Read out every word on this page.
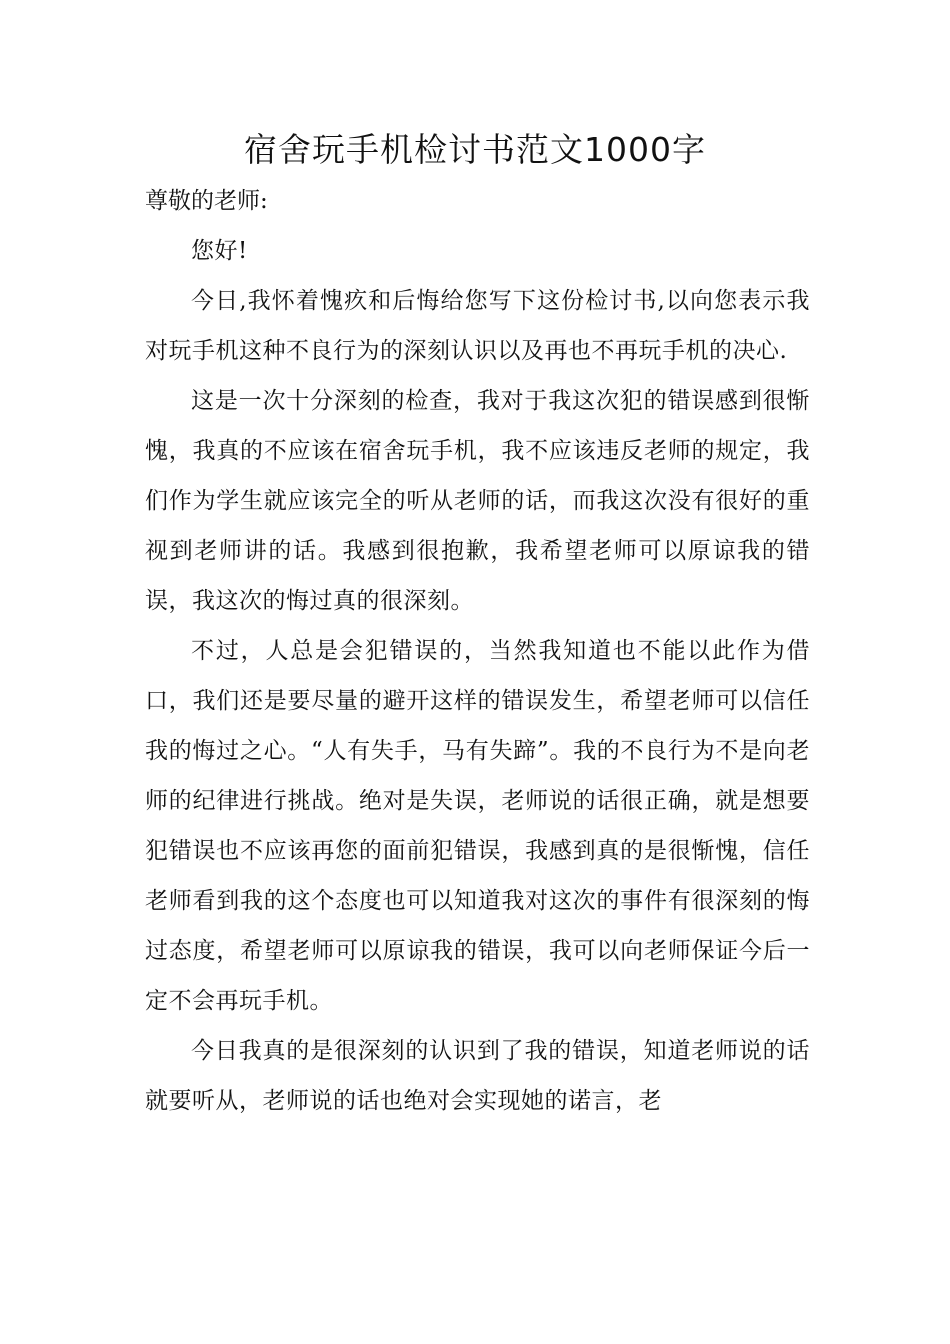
宿舍玩手机检讨书范文1000字

尊敬的老师:

您好!

今日,我怀着愧疚和后悔给您写下这份检讨书,以向您表示我对玩手机这种不良行为的深刻认识以及再也不再玩手机的决心.

这是一次十分深刻的检查，我对于我这次犯的错误感到很惭愧，我真的不应该在宿舍玩手机，我不应该违反老师的规定，我们作为学生就应该完全的听从老师的话，而我这次没有很好的重视到老师讲的话。我感到很抱歉，我希望老师可以原谅我的错误，我这次的悔过真的很深刻。

不过，人总是会犯错误的，当然我知道也不能以此作为借口，我们还是要尽量的避开这样的错误发生，希望老师可以信任我的悔过之心。“人有失手，马有失蹄”。我的不良行为不是向老师的纪律进行挑战。绝对是失误，老师说的话很正确，就是想要犯错误也不应该再您的面前犯错误，我感到真的是很惭愧，信任老师看到我的这个态度也可以知道我对这次的事件有很深刻的悔过态度，希望老师可以原谅我的错误，我可以向老师保证今后一定不会再玩手机。

今日我真的是很深刻的认识到了我的错误，知道老师说的话就要听从，老师说的话也绝对会实现她的诺言，老
